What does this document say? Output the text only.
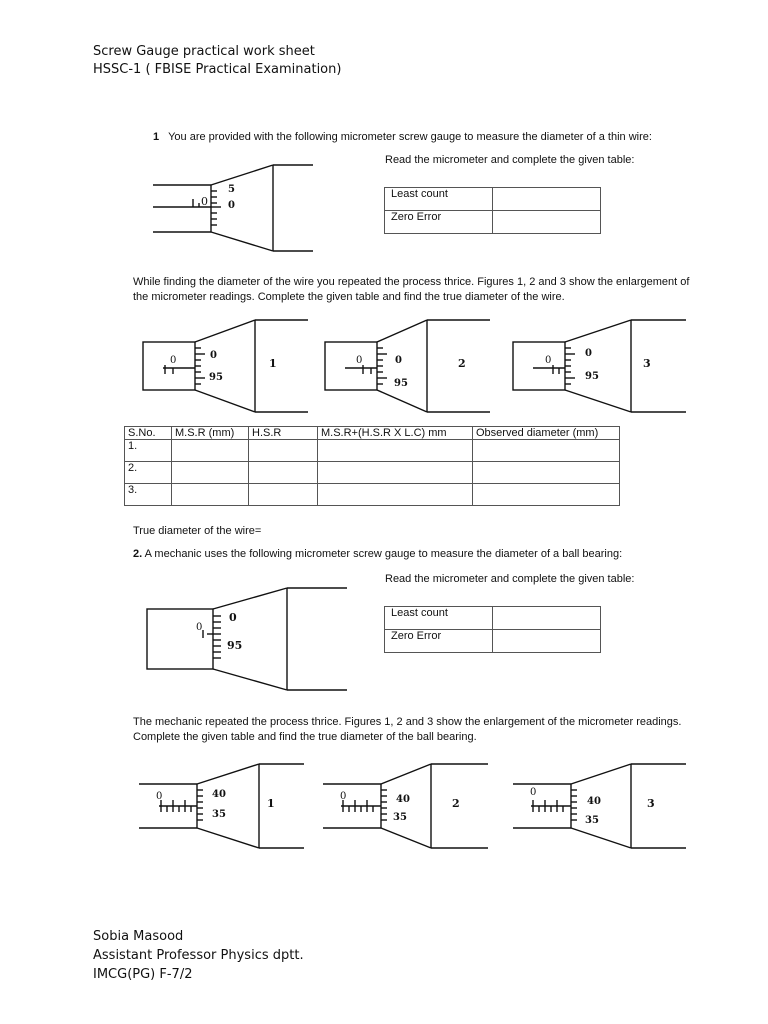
Screw Gauge practical work sheet
HSSC-1 ( FBISE Practical Examination)
1 You are provided with the following micrometer screw gauge to measure the diameter of a thin wire:
Read the micrometer and complete the given table:
0
5
0
Least count	
Zero Error	
While finding the diameter of the wire you repeated the process thrice. Figures 1, 2 and 3 show the enlargement of the micrometer readings. Complete the given table and find the true diameter of the wire.
0	0
95
1	0	0
95
2	0
0
95
3
S.No.	M.S.R (mm)	H.S.R	M.S.R+(H.S.R X L.C) mm	Observed diameter (mm)
1.				
2.				
3.				
True diameter of the wire=
2. A mechanic uses the following micrometer screw gauge to measure the diameter of a ball bearing:
Read the micrometer and complete the given table:
0
0
95
Least count	
Zero Error	
The mechanic repeated the process thrice. Figures 1, 2 and 3 show the enlargement of the micrometer readings. Complete the given table and find the true diameter of the ball bearing.
0	40
35
1
0	40
35
2
0
40
35
3
Sobia Masood
Assistant Professor Physics dptt.
IMCG(PG) F-7/2
